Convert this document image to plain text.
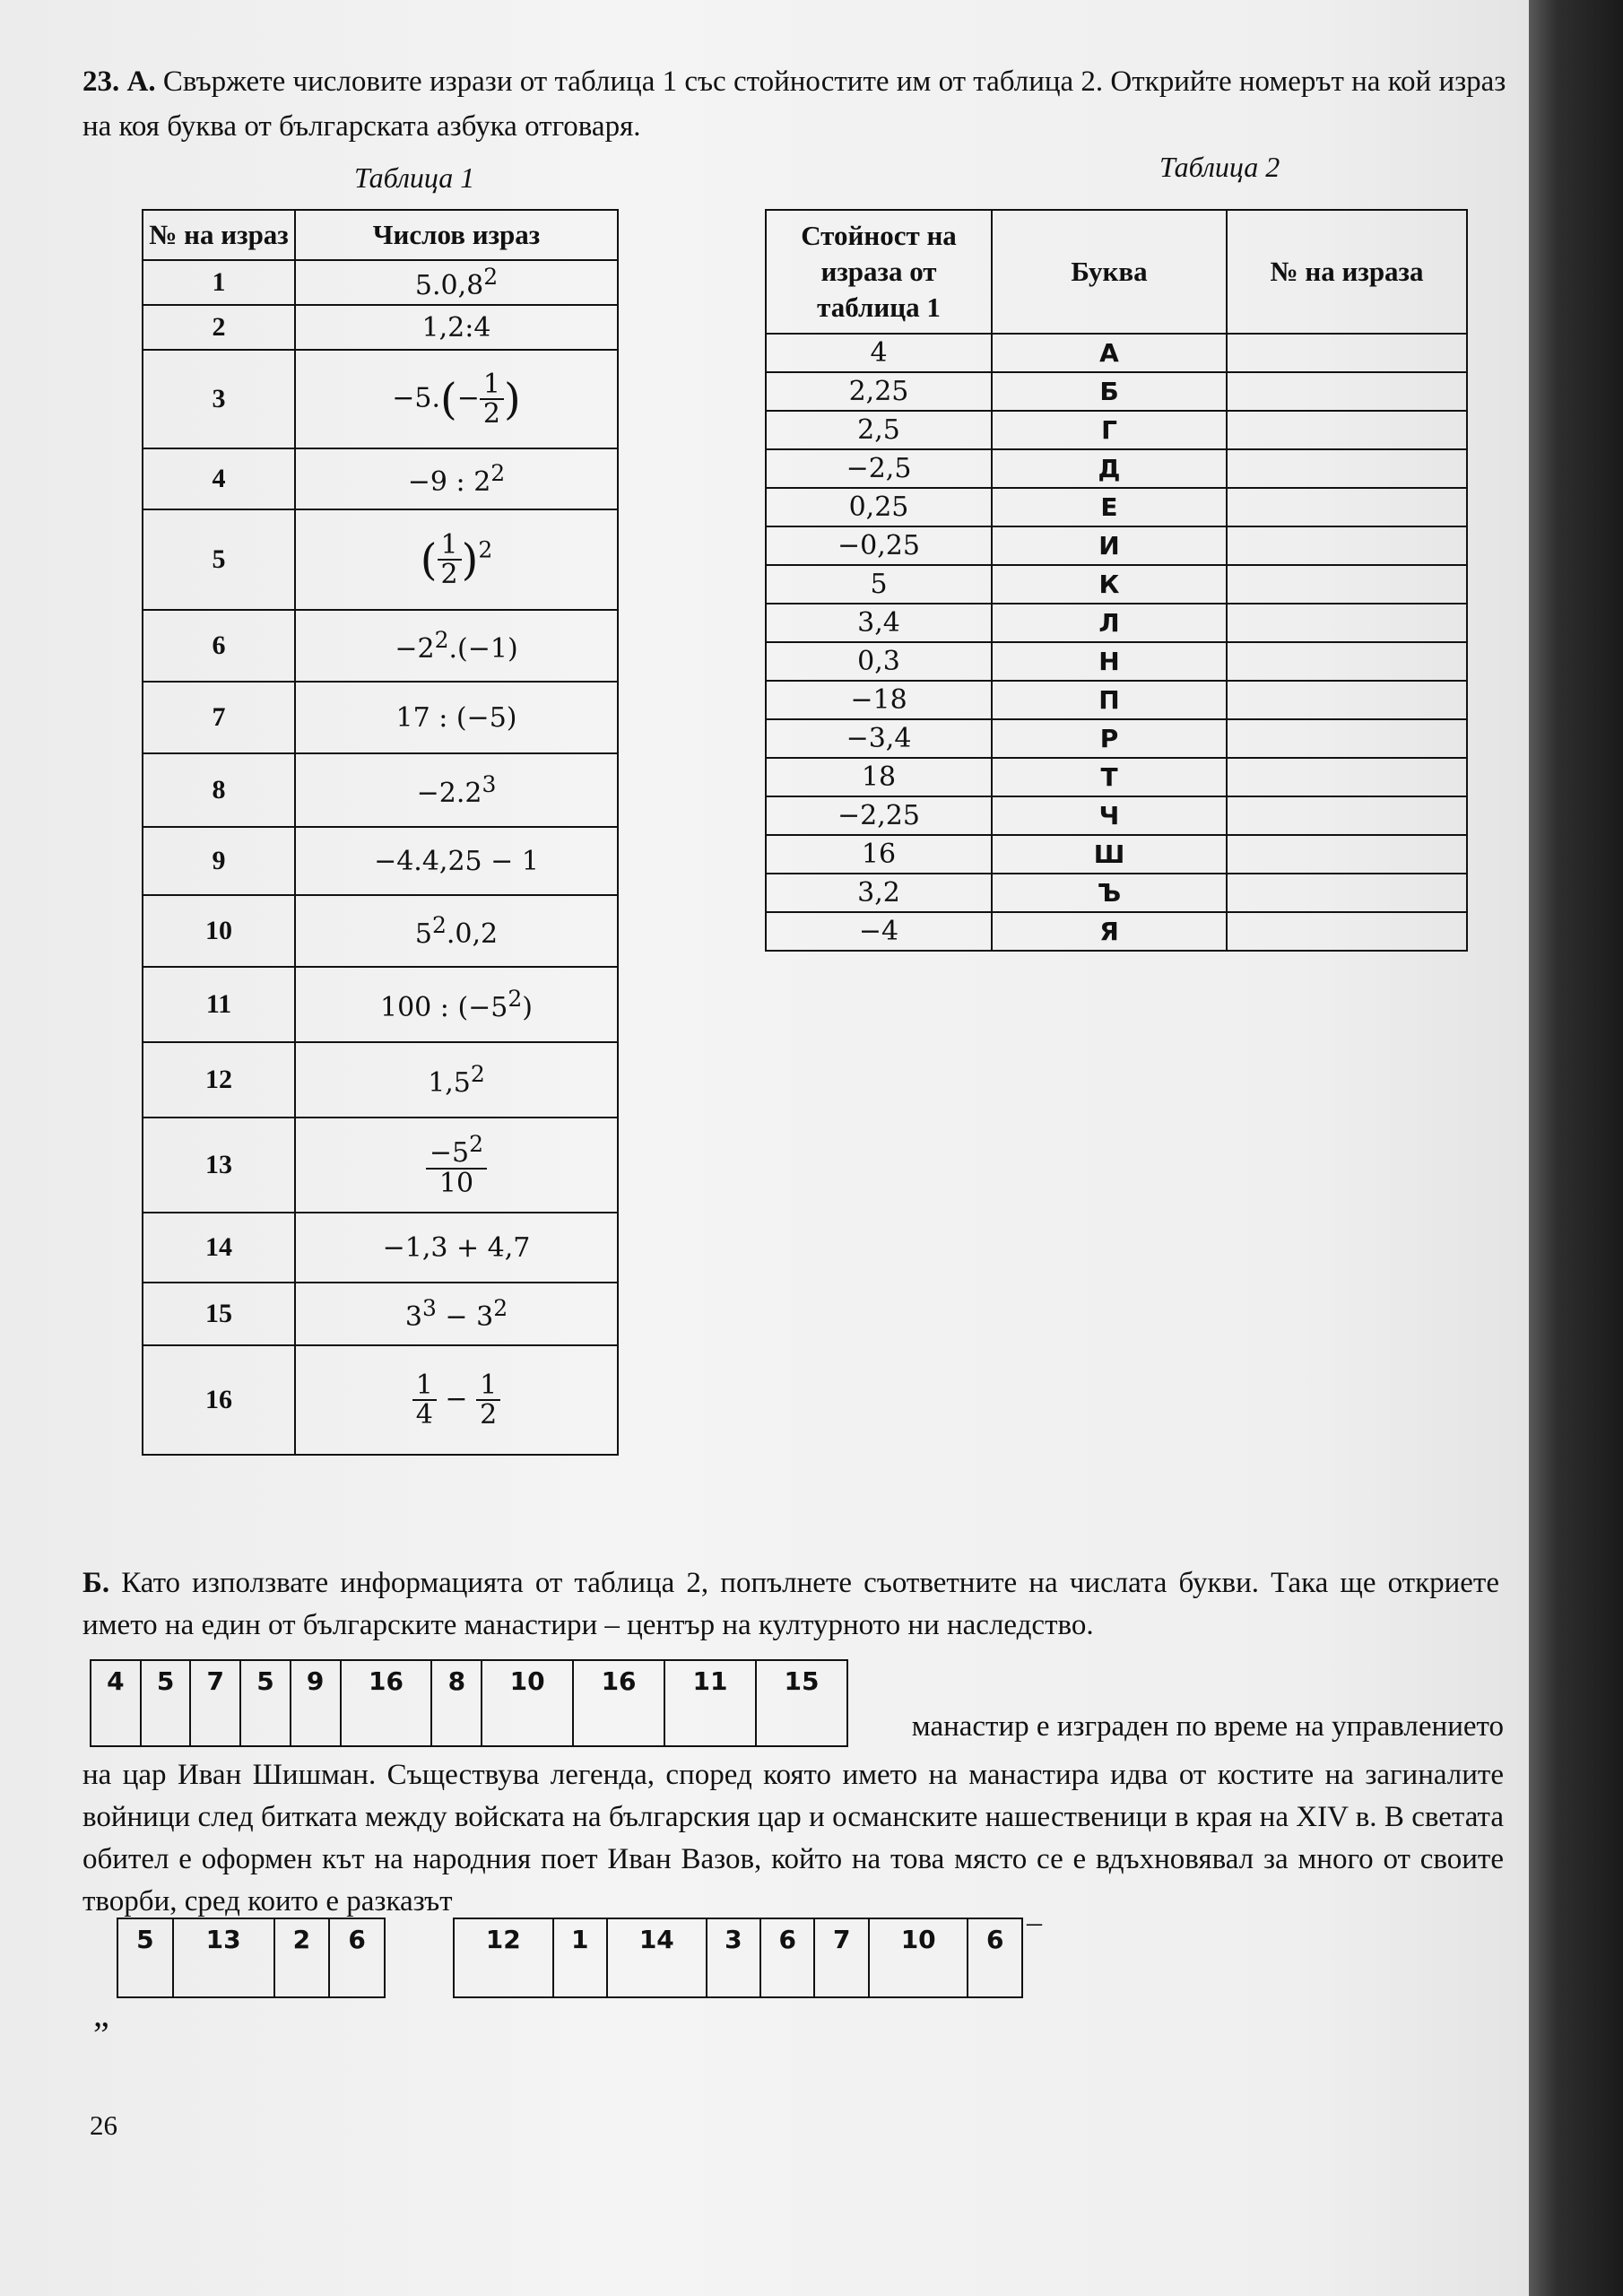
23. А. Свържете числовите изрази от таблица 1 със стойностите им от таблица 2. Открийте номерът на кой израз на коя буква от българската азбука отговаря.
Таблица 1	Таблица 2
№ на израз	Числов израз
1	5.0,8$^2$
2	1,2:4
3	$-5.(- \frac{1}{2}$ )
4	−9 : $2^2$
5	( $\frac{1}{2} )^2$
6	$-2^2.(-1)$
7	17 : (−5)
8	$-2.2^3$
9	−4.4,25 − 1
10	$5^2.0,2$
11	100 : $(-5^2)$
12	$1,5^2$
13	$\frac{-5^2}{10}$

14	−1,3 + 4,7
15	$3^3 - 3^2$
16	$\frac{1}{4} - \frac{1}{2}$
Стойност на израза от таблица 1	Буква	№ на израза
4	А	
2,25	Б	
2,5	Г	
−2,5	Д	
0,25	Е	
−0,25	И	
5	К	
3,4	Л	
0,3	Н	
−18	П	
−3,4	Р	
18	Т	
−2,25	Ч	
16	Ш	
3,2	Ъ	
−4	Я	
Б. Като използвате информацията от таблица 2, попълнете съответните на числата букви. Така ще откриете името на един от българските манастири – център на културното ни наследство.
4	5	7	5	9	16	8	10	16	11	15
манастир е изграден по време на управлението
на цар Иван Шишман. Съществува легенда, според която името на манастира идва от костите на загиналите войници след битката между войската на българския цар и османските нашественици в края на XIV в. В светата обител е оформен кът на народния поет Иван Вазов, който на това място се е вдъхновявал за много от своите творби, сред които е разказът
5	13	2	6	12	1	14	3	6	7	10	6
–
„
26
